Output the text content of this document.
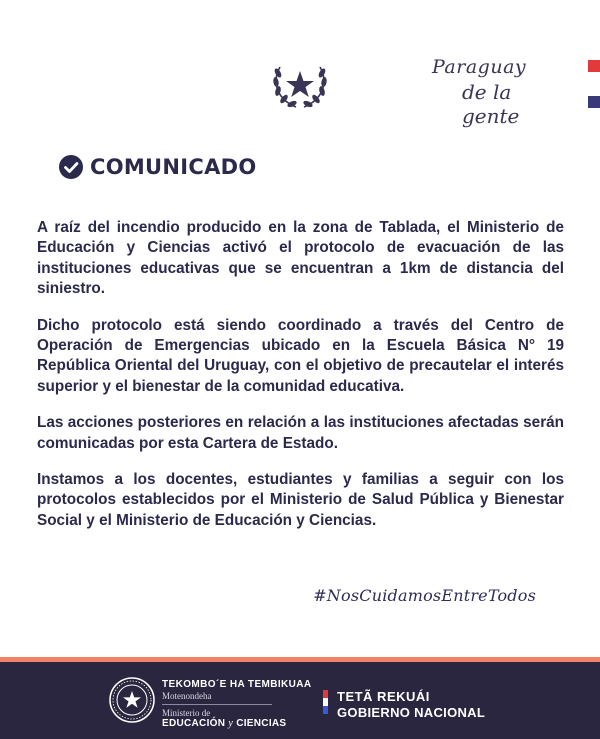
Paraguay
de la gente
COMUNICADO

A raíz del incendio producido en la zona de Tablada, el Ministerio de Educación y Ciencias activó el protocolo de evacuación de las instituciones educativas que se encuentran a 1km de distancia del siniestro.

Dicho protocolo está siendo coordinado a través del Centro de Operación de Emergencias ubicado en la Escuela Básica N° 19 República Oriental del Uruguay, con el objetivo de precautelar el interés superior y el bienestar de la comunidad educativa.

Las acciones posteriores en relación a las instituciones afectadas serán comunicadas por esta Cartera de Estado.

Instamos a los docentes, estudiantes y familias a seguir con los protocolos establecidos por el Ministerio de Salud Pública y Bienestar Social y el Ministerio de Educación y Ciencias.

#NosCuidamosEntreTodos
TEKOMBO´E HA TEMBIKUAA
Motenondeha
Ministerio de
EDUCACIÓN y CIENCIAS
TETÃ REKUÁI
GOBIERNO NACIONAL
